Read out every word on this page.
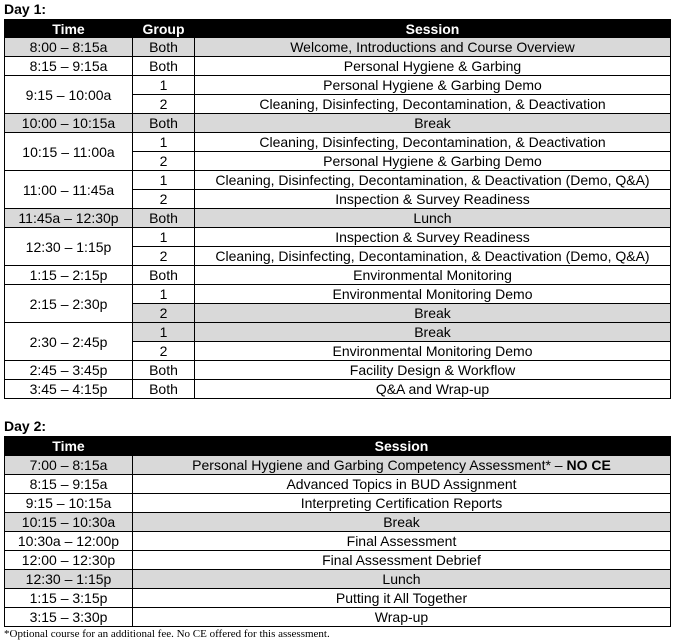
Day 1:
Time	Group	Session
8:00 – 8:15a	Both	Welcome, Introductions and Course Overview
8:15 – 9:15a	Both	Personal Hygiene & Garbing
9:15 – 10:00a	1	Personal Hygiene & Garbing Demo
	2	Cleaning, Disinfecting, Decontamination, & Deactivation
10:00 – 10:15a	Both	Break
10:15 – 11:00a	1	Cleaning, Disinfecting, Decontamination, & Deactivation
	2	Personal Hygiene & Garbing Demo
11:00 – 11:45a	1	Cleaning, Disinfecting, Decontamination, & Deactivation (Demo, Q&A)
	2	Inspection & Survey Readiness
11:45a – 12:30p	Both	Lunch
12:30 – 1:15p	1	Inspection & Survey Readiness
	2	Cleaning, Disinfecting, Decontamination, & Deactivation (Demo, Q&A)
1:15 – 2:15p	Both	Environmental Monitoring
2:15 – 2:30p	1	Environmental Monitoring Demo
	2	Break
2:30 – 2:45p	1	Break
	2	Environmental Monitoring Demo
2:45 – 3:45p	Both	Facility Design & Workflow
3:45 – 4:15p	Both	Q&A and Wrap-up
Day 2:
Time	Session
7:00 – 8:15a	Personal Hygiene and Garbing Competency Assessment* – NO CE
8:15 – 9:15a	Advanced Topics in BUD Assignment
9:15 – 10:15a	Interpreting Certification Reports
10:15 – 10:30a	Break
10:30a – 12:00p	Final Assessment
12:00 – 12:30p	Final Assessment Debrief
12:30 – 1:15p	Lunch
1:15 – 3:15p	Putting it All Together
3:15 – 3:30p	Wrap-up
*Optional course for an additional fee. No CE offered for this assessment.
